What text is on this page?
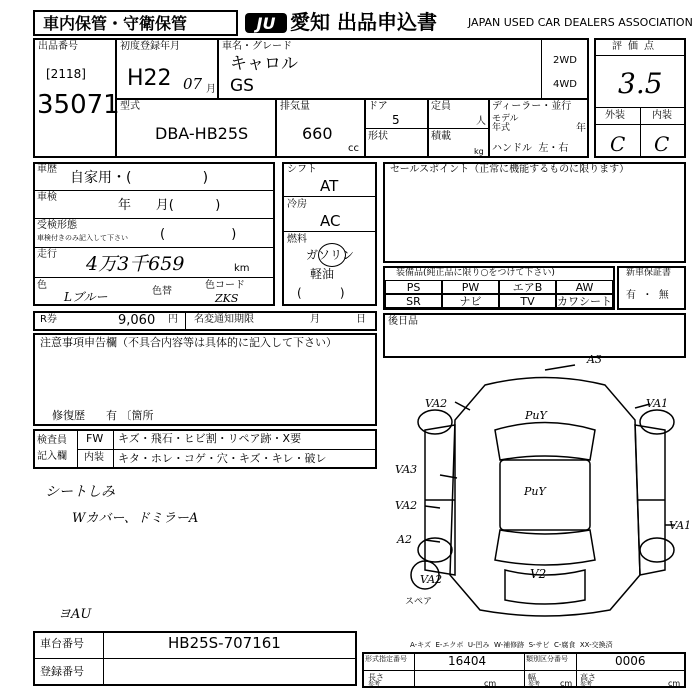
車内保管・守衛保管	JU 愛知 出品申込書	JAPAN USED CAR DEALERS ASSOCIATION
出品番号
[2118]
35071
初度登録年月
H22 07 月
車名・グレード
キャロル
GS
2WD
4WD
型式
DBA-HB25S
排気量
660
cc
ドア
5
形状
定員
人
積載
kg
ディーラー・並行
モデル
年式	年
ハンドル  左・右
評価点
3.5
外装	内装
C C
車歴
自家用・(                )
車検
年      月(          )
受検形態
車検付きのみ記入して下さい (                )
走行 4万3千659	km
色
Lブルー	色替
色コード
ZKS
シフト
AT
冷房
AC
燃料
ガソリン
軽油
(          )
セールスポイント（正常に機能するものに限ります）
装備品(純正品に限り○をつけて下さい)
PS	PW	エアB	AW
SR	ナビ	TV	カワシート
新車保証書
有  ・  無
R券	9,060 円 名変通知期限	月	日 後日品
注意事項申告欄（不具合内容等は具体的に記入して下さい）
修復歴      有 〔箇所
検査員
記入欄
FW キズ・飛石・ヒビ割・リペア跡・X要
内装 キタ・ホレ・コゲ・穴・キズ・キレ・破レ
シートしみ
Wカバー、ドミラーA
ヨAU
A3
VA2
PuY
VA1
VA3
PuY
VA2
A2
VA1
V2
VA2
スペア
A-キズ  E-エクボ  U-凹み  W-補修跡  S-サビ  C-腐食  XX-交換済
車台番号	HB25S-707161
登録番号
形式指定番号	16404	類別区分番号	0006
長さ
参考	cm
幅
参考 cm
高さ
参考	cm
